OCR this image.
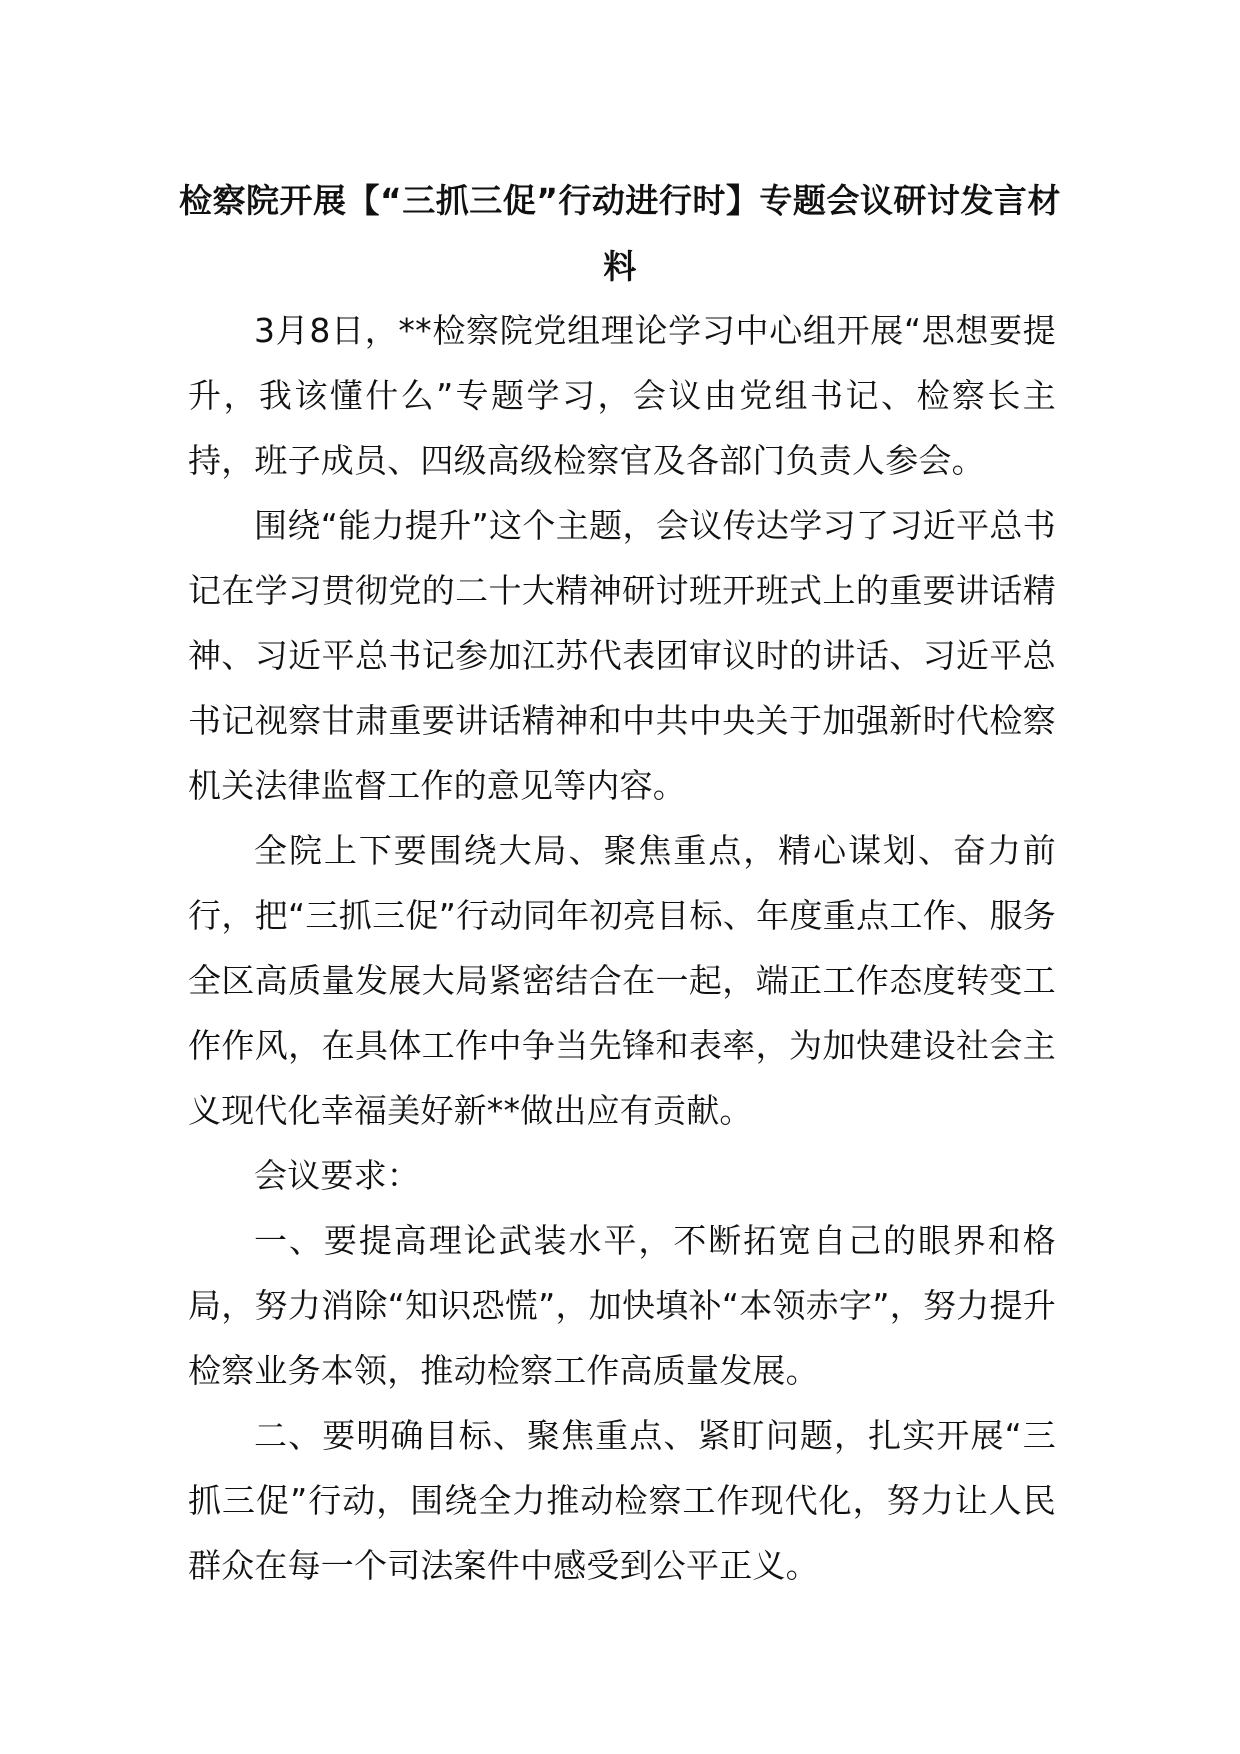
检察院开展【“三抓三促”行动进行时】专题会议研讨发言材料

3月8日，**检察院党组理论学习中心组开展“思想要提升，我该懂什么”专题学习，会议由党组书记、检察长主持，班子成员、四级高级检察官及各部门负责人参会。

围绕“能力提升”这个主题，会议传达学习了习近平总书记在学习贯彻党的二十大精神研讨班开班式上的重要讲话精神、习近平总书记参加江苏代表团审议时的讲话、习近平总书记视察甘肃重要讲话精神和中共中央关于加强新时代检察机关法律监督工作的意见等内容。

全院上下要围绕大局、聚焦重点，精心谋划、奋力前行，把“三抓三促”行动同年初亮目标、年度重点工作、服务全区高质量发展大局紧密结合在一起，端正工作态度转变工作作风，在具体工作中争当先锋和表率，为加快建设社会主义现代化幸福美好新**做出应有贡献。

会议要求：

一、要提高理论武装水平，不断拓宽自己的眼界和格局，努力消除“知识恐慌”，加快填补“本领赤字”，努力提升检察业务本领，推动检察工作高质量发展。

二、要明确目标、聚焦重点、紧盯问题，扎实开展“三抓三促”行动，围绕全力推动检察工作现代化，努力让人民群众在每一个司法案件中感受到公平正义。
